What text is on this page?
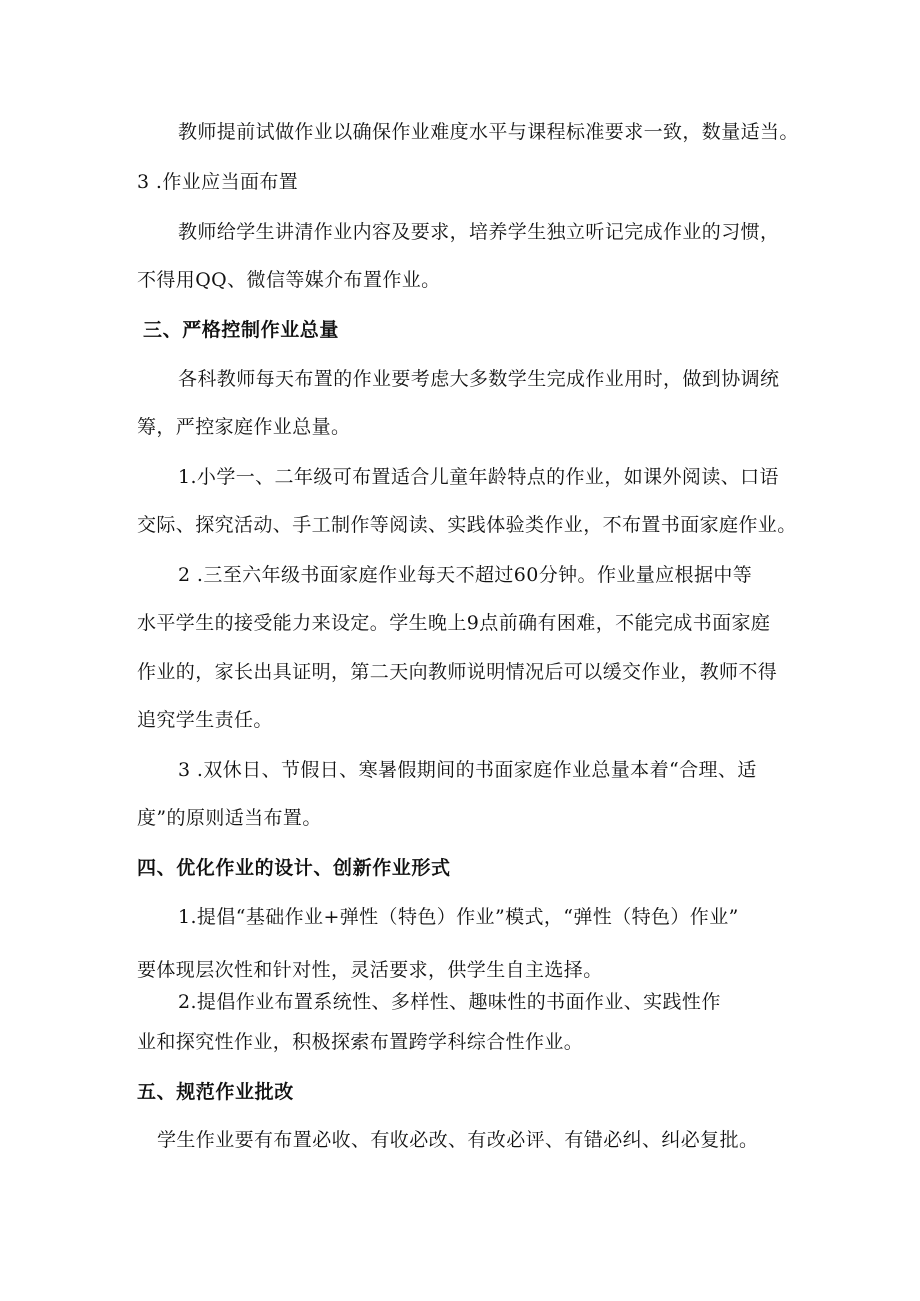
教师提前试做作业以确保作业难度水平与课程标准要求一致，数量适当。
3 .作业应当面布置
教师给学生讲清作业内容及要求，培养学生独立听记完成作业的习惯，
不得用QQ、微信等媒介布置作业。
三、严格控制作业总量
各科教师每天布置的作业要考虑大多数学生完成作业用时，做到协调统
筹，严控家庭作业总量。
1.小学一、二年级可布置适合儿童年龄特点的作业，如课外阅读、口语
交际、探究活动、手工制作等阅读、实践体验类作业，不布置书面家庭作业。
2 .三至六年级书面家庭作业每天不超过60分钟。作业量应根据中等
水平学生的接受能力来设定。学生晚上9点前确有困难，不能完成书面家庭
作业的，家长出具证明，第二天向教师说明情况后可以缓交作业，教师不得
追究学生责任。
3 .双休日、节假日、寒暑假期间的书面家庭作业总量本着“合理、适
度”的原则适当布置。
四、优化作业的设计、创新作业形式
1.提倡“基础作业+弹性（特色）作业”模式，“弹性（特色）作业”
要体现层次性和针对性，灵活要求，供学生自主选择。
2.提倡作业布置系统性、多样性、趣味性的书面作业、实践性作
业和探究性作业，积极探索布置跨学科综合性作业。
五、规范作业批改
学生作业要有布置必收、有收必改、有改必评、有错必纠、纠必复批。
